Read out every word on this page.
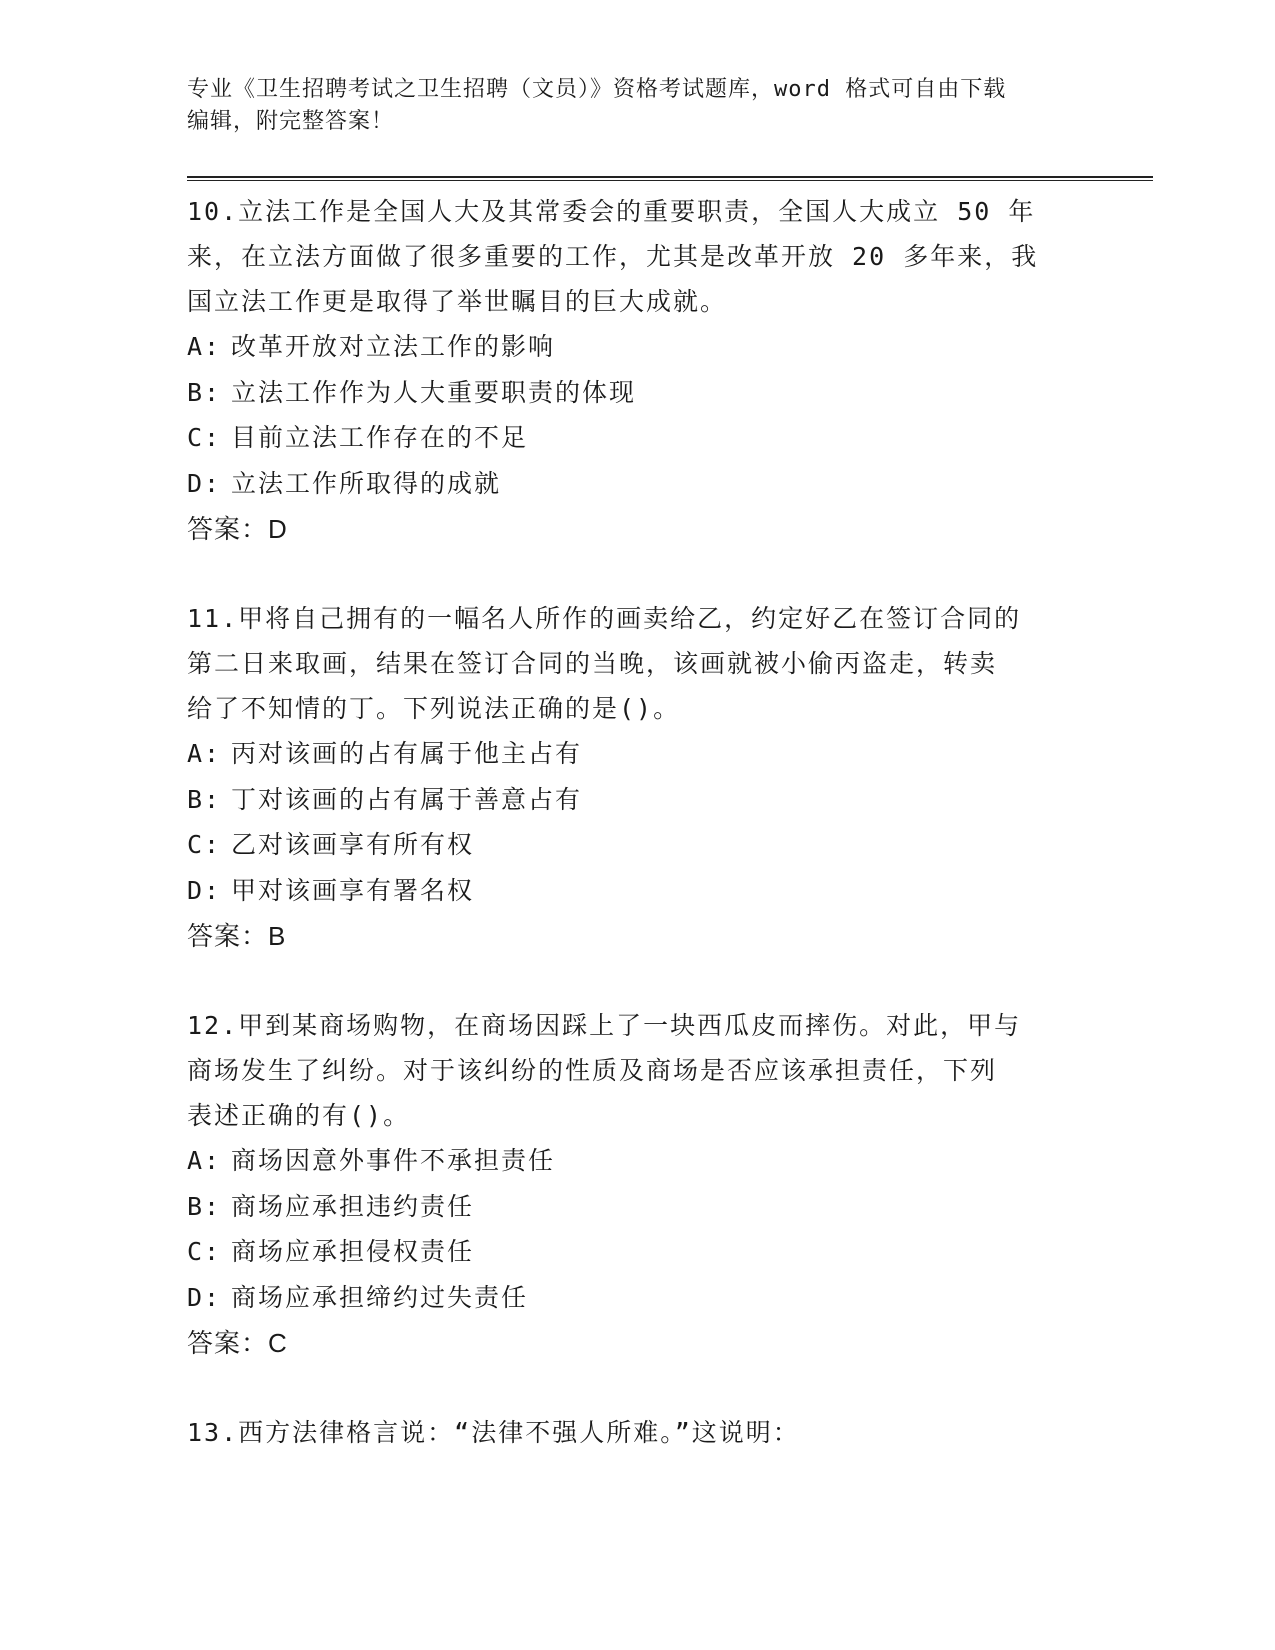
专业《卫生招聘考试之卫生招聘（文员）》资格考试题库，word 格式可自由下载
编辑，附完整答案！
10.立法工作是全国人大及其常委会的重要职责，全国人大成立 50 年
来，在立法方面做了很多重要的工作，尤其是改革开放 20 多年来，我
国立法工作更是取得了举世瞩目的巨大成就。
A: 改革开放对立法工作的影响
B: 立法工作作为人大重要职责的体现
C: 目前立法工作存在的不足
D: 立法工作所取得的成就
答案：D
11.甲将自己拥有的一幅名人所作的画卖给乙，约定好乙在签订合同的
第二日来取画，结果在签订合同的当晚，该画就被小偷丙盗走，转卖
给了不知情的丁。下列说法正确的是()。
A: 丙对该画的占有属于他主占有
B: 丁对该画的占有属于善意占有
C: 乙对该画享有所有权
D: 甲对该画享有署名权
答案：B
12.甲到某商场购物，在商场因踩上了一块西瓜皮而摔伤。对此，甲与
商场发生了纠纷。对于该纠纷的性质及商场是否应该承担责任，下列
表述正确的有()。
A: 商场因意外事件不承担责任
B: 商场应承担违约责任
C: 商场应承担侵权责任
D: 商场应承担缔约过失责任
答案：C
13.西方法律格言说：“法律不强人所难。”这说明：
